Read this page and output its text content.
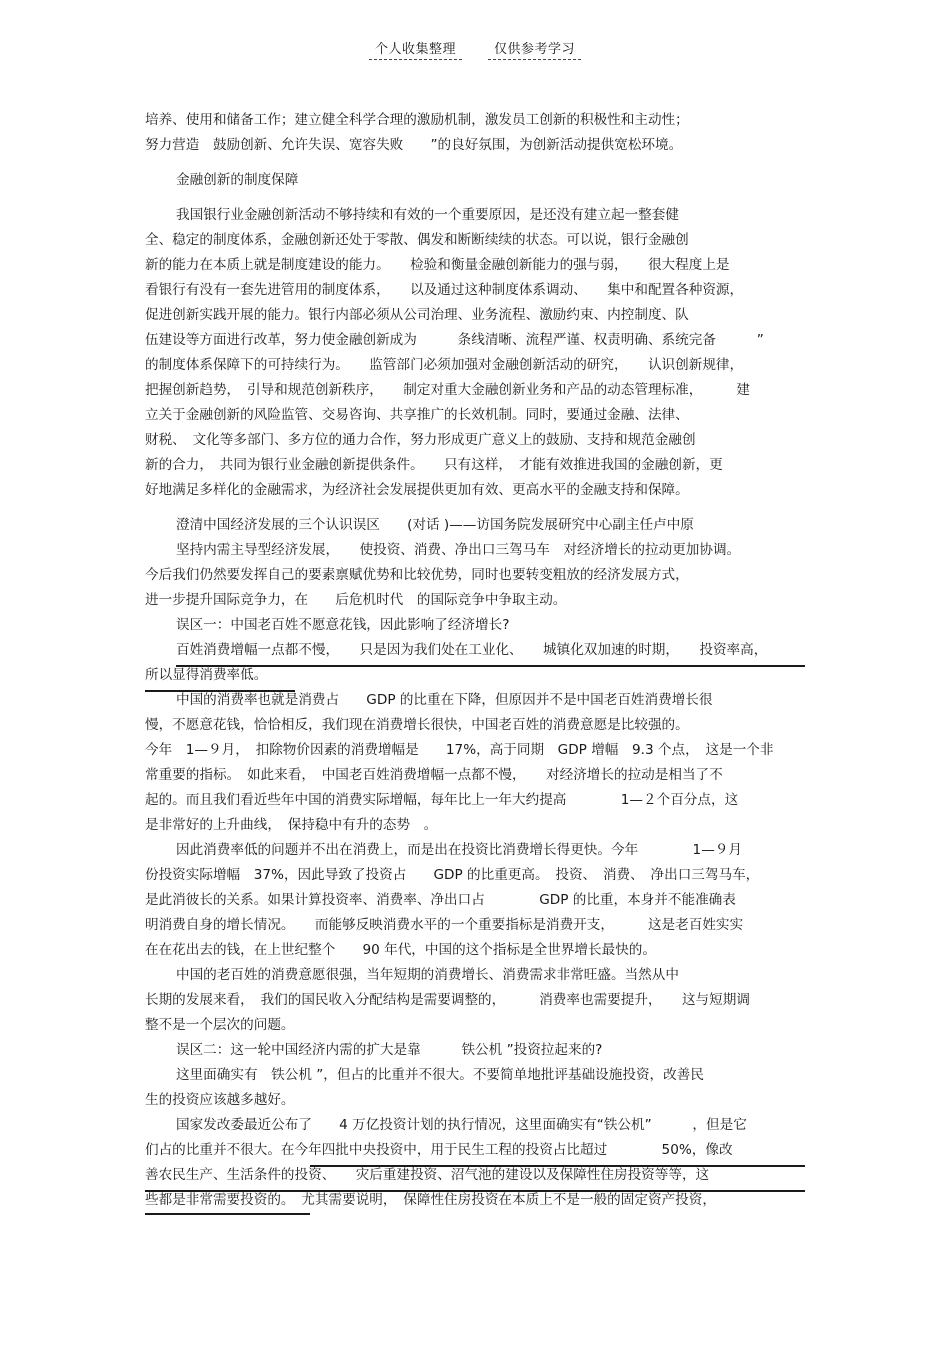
个人收集整理	仅供参考学习
培养、使用和储备工作；建立健全科学合理的激励机制，激发员工创新的积极性和主动性；
努力营造　鼓励创新、允许失误、宽容失败　　”的良好氛围，为创新活动提供宽松环境。
金融创新的制度保障
我国银行业金融创新活动不够持续和有效的一个重要原因，是还没有建立起一整套健
全、稳定的制度体系，金融创新还处于零散、偶发和断断续续的状态。可以说，银行金融创
新的能力在本质上就是制度建设的能力。　　检验和衡量金融创新能力的强与弱，　　很大程度上是
看银行有没有一套先进管用的制度体系，　　以及通过这种制度体系调动、　　集中和配置各种资源，
促进创新实践开展的能力。银行内部必须从公司治理、业务流程、激励约束、内控制度、队
伍建设等方面进行改革，努力使金融创新成为　　　条线清晰、流程严谨、权责明确、系统完备　　　”
的制度体系保障下的可持续行为。　　监管部门必须加强对金融创新活动的研究，　　认识创新规律，
把握创新趋势，　引导和规范创新秩序，　　制定对重大金融创新业务和产品的动态管理标准，　　　建
立关于金融创新的风险监管、交易咨询、共享推广的长效机制。同时，要通过金融、法律、
财税、　文化等多部门、多方位的通力合作，努力形成更广意义上的鼓励、支持和规范金融创
新的合力，　共同为银行业金融创新提供条件。　　只有这样，　才能有效推进我国的金融创新，更
好地满足多样化的金融需求，为经济社会发展提供更加有效、更高水平的金融支持和保障。
澄清中国经济发展的三个认识误区　　(对话 )——访国务院发展研究中心副主任卢中原
坚持内需主导型经济发展，　　使投资、消费、净出口三驾马车　对经济增长的拉动更加协调。
今后我们仍然要发挥自己的要素禀赋优势和比较优势，同时也要转变粗放的经济发展方式，
进一步提升国际竞争力，在　　后危机时代　的国际竞争中争取主动。
误区一：中国老百姓不愿意花钱，因此影响了经济增长?
百姓消费增幅一点都不慢，　　只是因为我们处在工业化、　　城镇化双加速的时期，　　投资率高，
所以显得消费率低。
中国的消费率也就是消费占　　GDP 的比重在下降，但原因并不是中国老百姓消费增长很
慢，不愿意花钱，恰恰相反，我们现在消费增长很快，中国老百姓的消费意愿是比较强的。
今年　1—９月，　扣除物价因素的消费增幅是　　17%，高于同期　GDP 增幅　9.3 个点，　这是一个非
常重要的指标。　如此来看，　中国老百姓消费增幅一点都不慢，　　对经济增长的拉动是相当了不
起的。而且我们看近些年中国的消费实际增幅，每年比上一年大约提高　　　　1—２个百分点，这
是非常好的上升曲线，　保持稳中有升的态势　。
因此消费率低的问题并不出在消费上，而是出在投资比消费增长得更快。今年　　　　1—９月
份投资实际增幅　37%，因此导致了投资占　　GDP 的比重更高。　投资、　消费、　净出口三驾马车，
是此消彼长的关系。如果计算投资率、消费率、净出口占　　　　GDP 的比重，本身并不能准确表
明消费自身的增长情况。　　而能够反映消费水平的一个重要指标是消费开支，　　　这是老百姓实实
在在花出去的钱，在上世纪整个　　90 年代，中国的这个指标是全世界增长最快的。
中国的老百姓的消费意愿很强，当年短期的消费增长、消费需求非常旺盛。当然从中
长期的发展来看，　我们的国民收入分配结构是需要调整的，　　　消费率也需要提升，　　这与短期调
整不是一个层次的问题。
误区二：这一轮中国经济内需的扩大是靠　　　铁公机 ”投资拉起来的?
这里面确实有　铁公机 ”，但占的比重并不很大。不要简单地批评基础设施投资，改善民
生的投资应该越多越好。
国家发改委最近公布了　　4 万亿投资计划的执行情况，这里面确实有“铁公机”　　　，但是它
们占的比重并不很大。在今年四批中央投资中，用于民生工程的投资占比超过　　　　50%，像改
善农民生产、生活条件的投资、　　灾后重建投资、沼气池的建设以及保障性住房投资等等，这
些都是非常需要投资的。　尤其需要说明，　保障性住房投资在本质上不是一般的固定资产投资，
